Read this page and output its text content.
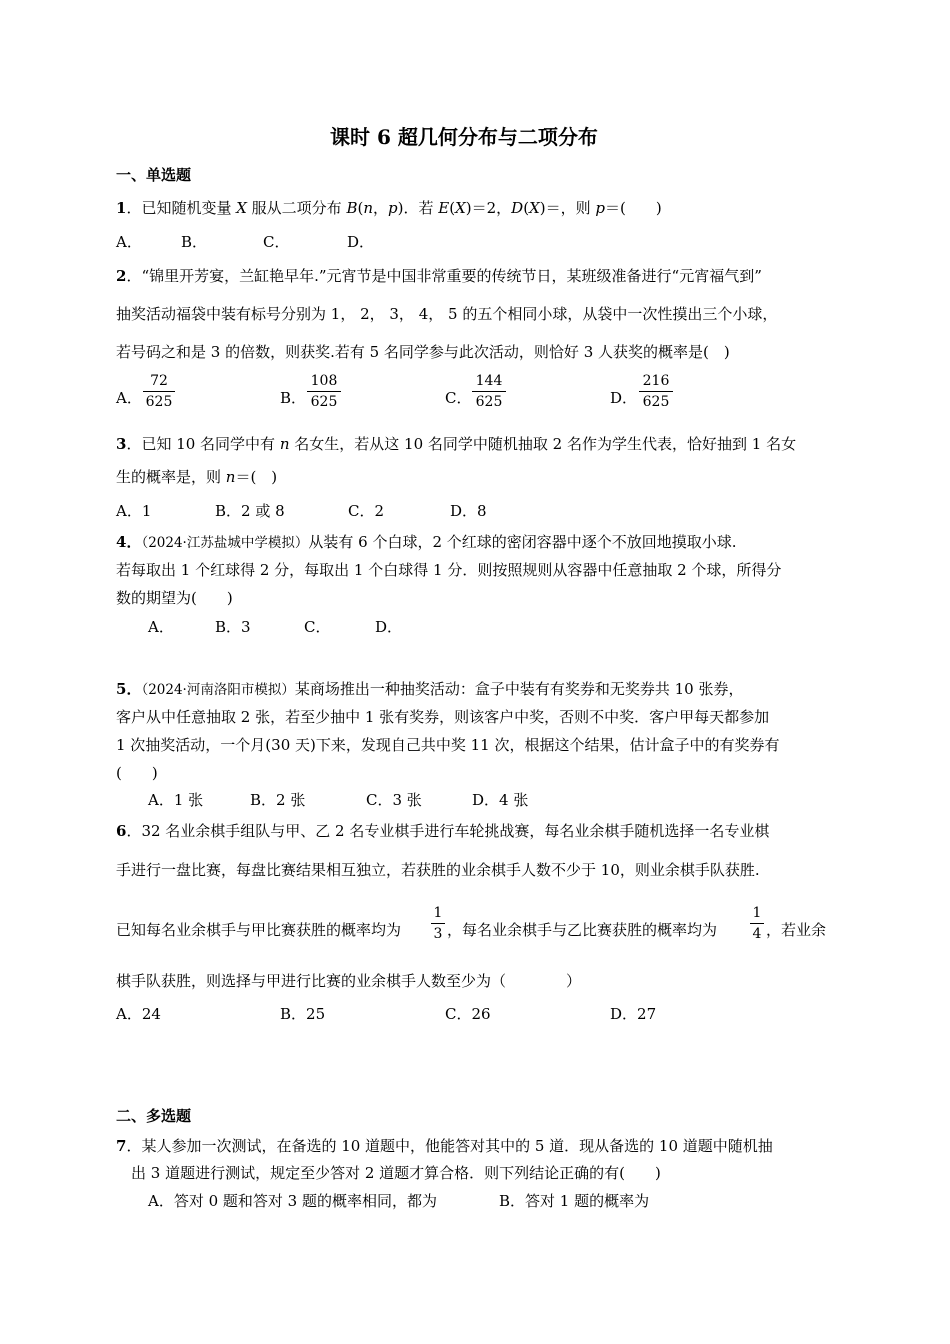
课时 6 超几何分布与二项分布
一、单选题
1．已知随机变量 X 服从二项分布 B(n，p)．若 E(X)＝2，D(X)＝，则 p＝(　　)
A．	B．	C．	D．
2．“锦里开芳宴，兰缸艳早年.”元宵节是中国非常重要的传统节日，某班级准备进行“元宵福气到”
抽奖活动福袋中装有标号分别为 1， 2， 3， 4， 5 的五个相同小球，从袋中一次性摸出三个小球，
若号码之和是 3 的倍数，则获奖.若有 5 名同学参与此次活动，则恰好 3 人获奖的概率是(　)
A．
72
625	B．
108
625	C．
144
625	D．
216
625
3．已知 10 名同学中有 n 名女生，若从这 10 名同学中随机抽取 2 名作为学生代表，恰好抽到 1 名女
生的概率是，则 n＝(　)
A．1	B．2 或 8	C．2	D．8
4．（2024·江苏盐城中学模拟）从装有 6 个白球，2 个红球的密闭容器中逐个不放回地摸取小球.
若每取出 1 个红球得 2 分，每取出 1 个白球得 1 分．则按照规则从容器中任意抽取 2 个球，所得分
数的期望为(　　)
A．	B．3	C．	D．
5．（2024·河南洛阳市模拟）某商场推出一种抽奖活动：盒子中装有有奖券和无奖券共 10 张券，
客户从中任意抽取 2 张，若至少抽中 1 张有奖券，则该客户中奖，否则不中奖．客户甲每天都参加
1 次抽奖活动，一个月(30 天)下来，发现自己共中奖 11 次，根据这个结果，估计盒子中的有奖券有
(　　)
A．1 张	B．2 张	C．3 张	D．4 张
6．32 名业余棋手组队与甲、乙 2 名专业棋手进行车轮挑战赛，每名业余棋手随机选择一名专业棋
手进行一盘比赛，每盘比赛结果相互独立，若获胜的业余棋手人数不少于 10，则业余棋手队获胜.
已知每名业余棋手与甲比赛获胜的概率均为
1
3 ，每名业余棋手与乙比赛获胜的概率均为
1
4 ，若业余
棋手队获胜，则选择与甲进行比赛的业余棋手人数至少为（　　　　）
A．24	B．25	C．26	D．27
二、多选题
7．某人参加一次测试，在备选的 10 道题中，他能答对其中的 5 道．现从备选的 10 道题中随机抽
出 3 道题进行测试，规定至少答对 2 道题才算合格．则下列结论正确的有(　　)
A．答对 0 题和答对 3 题的概率相同，都为	B．答对 1 题的概率为
